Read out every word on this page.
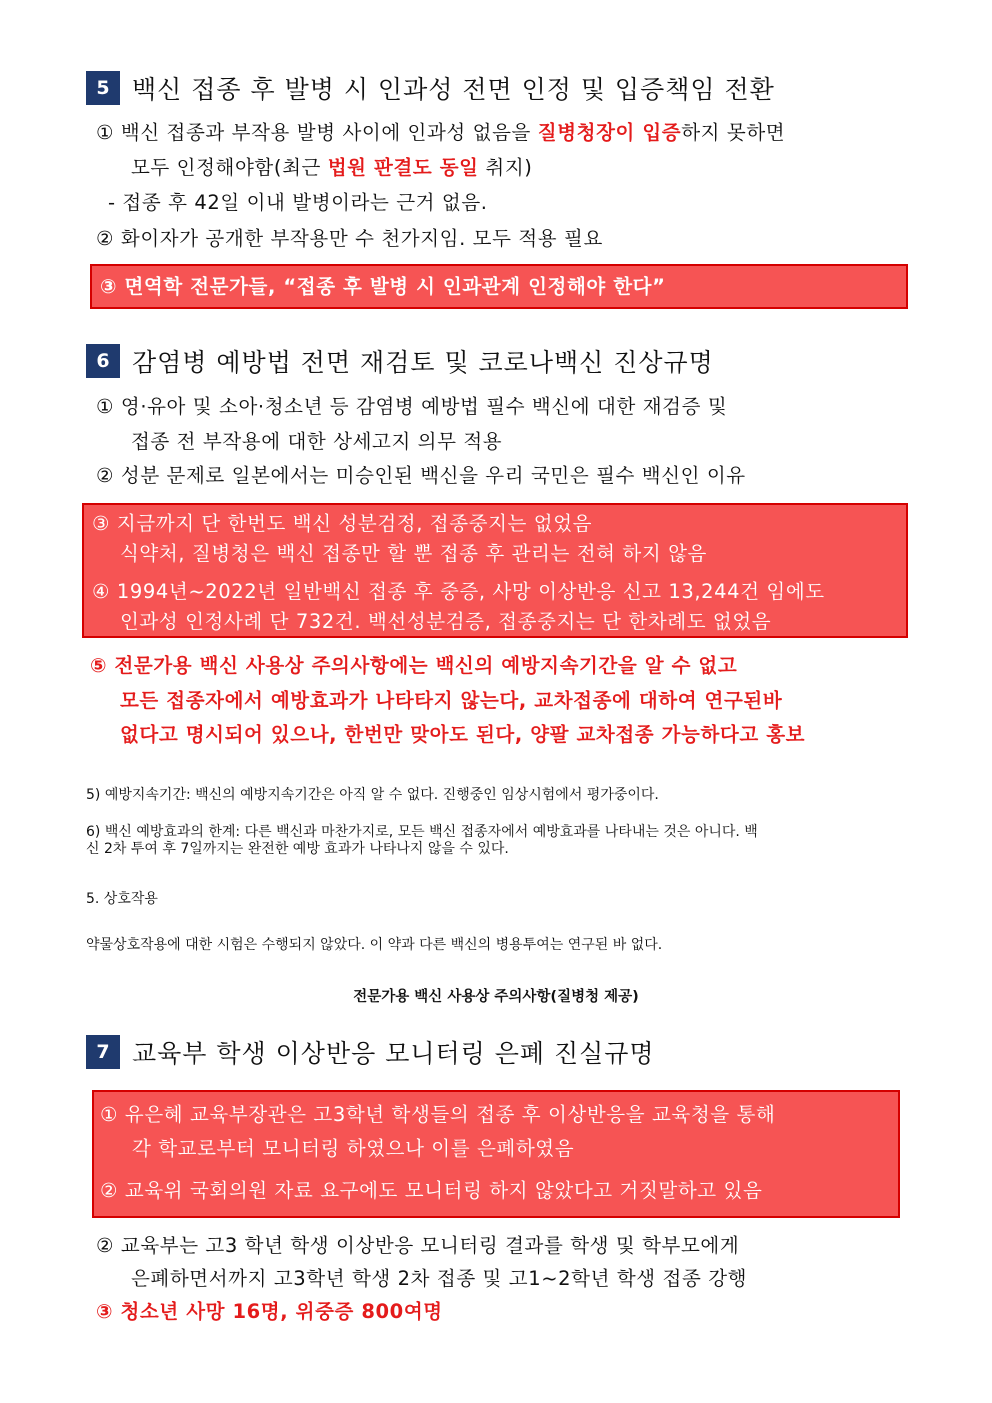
5 백신 접종 후 발병 시 인과성 전면 인정 및 입증책임 전환
① 백신 접종과 부작용 발병 사이에 인과성 없음을 질병청장이 입증하지 못하면
모두 인정해야함(최근 법원 판결도 동일 취지)
- 접종 후 42일 이내 발병이라는 근거 없음.
② 화이자가 공개한 부작용만 수 천가지임. 모두 적용 필요
③ 면역학 전문가들, “접종 후 발병 시 인과관계 인정해야 한다”
6 감염병 예방법 전면 재검토 및 코로나백신 진상규명
① 영·유아 및 소아·청소년 등 감염병 예방법 필수 백신에 대한 재검증 및
접종 전 부작용에 대한 상세고지 의무 적용
② 성분 문제로 일본에서는 미승인된 백신을 우리 국민은 필수 백신인 이유
③ 지금까지 단 한번도 백신 성분검정, 접종중지는 없었음
식약처, 질병청은 백신 접종만 할 뿐 접종 후 관리는 전혀 하지 않음
④ 1994년~2022년 일반백신 접종 후 중증, 사망 이상반응 신고 13,244건 임에도
인과성 인정사례 단 732건. 백선성분검증, 접종중지는 단 한차례도 없었음
⑤ 전문가용 백신 사용상 주의사항에는 백신의 예방지속기간을 알 수 없고
모든 접종자에서 예방효과가 나타타지 않는다, 교차접종에 대하여 연구된바
없다고 명시되어 있으나, 한번만 맞아도 된다, 양팔 교차접종 가능하다고 홍보
5) 예방지속기간: 백신의 예방지속기간은 아직 알 수 없다. 진행중인 임상시험에서 평가중이다.
6) 백신 예방효과의 한계: 다른 백신과 마찬가지로, 모든 백신 접종자에서 예방효과를 나타내는 것은 아니다. 백
신 2차 투여 후 7일까지는 완전한 예방 효과가 나타나지 않을 수 있다.
5. 상호작용
약물상호작용에 대한 시험은 수행되지 않았다. 이 약과 다른 백신의 병용투여는 연구된 바 없다.
전문가용 백신 사용상 주의사항(질병청 제공)
7 교육부 학생 이상반응 모니터링 은폐 진실규명
① 유은혜 교육부장관은 고3학년 학생들의 접종 후 이상반응을 교육청을 통해
각 학교로부터 모니터링 하였으나 이를 은폐하였음
② 교육위 국회의원 자료 요구에도 모니터링 하지 않았다고 거짓말하고 있음
② 교육부는 고3 학년 학생 이상반응 모니터링 결과를 학생 및 학부모에게
은폐하면서까지 고3학년 학생 2차 접종 및 고1~2학년 학생 접종 강행
③ 청소년 사망 16명, 위중증 800여명
